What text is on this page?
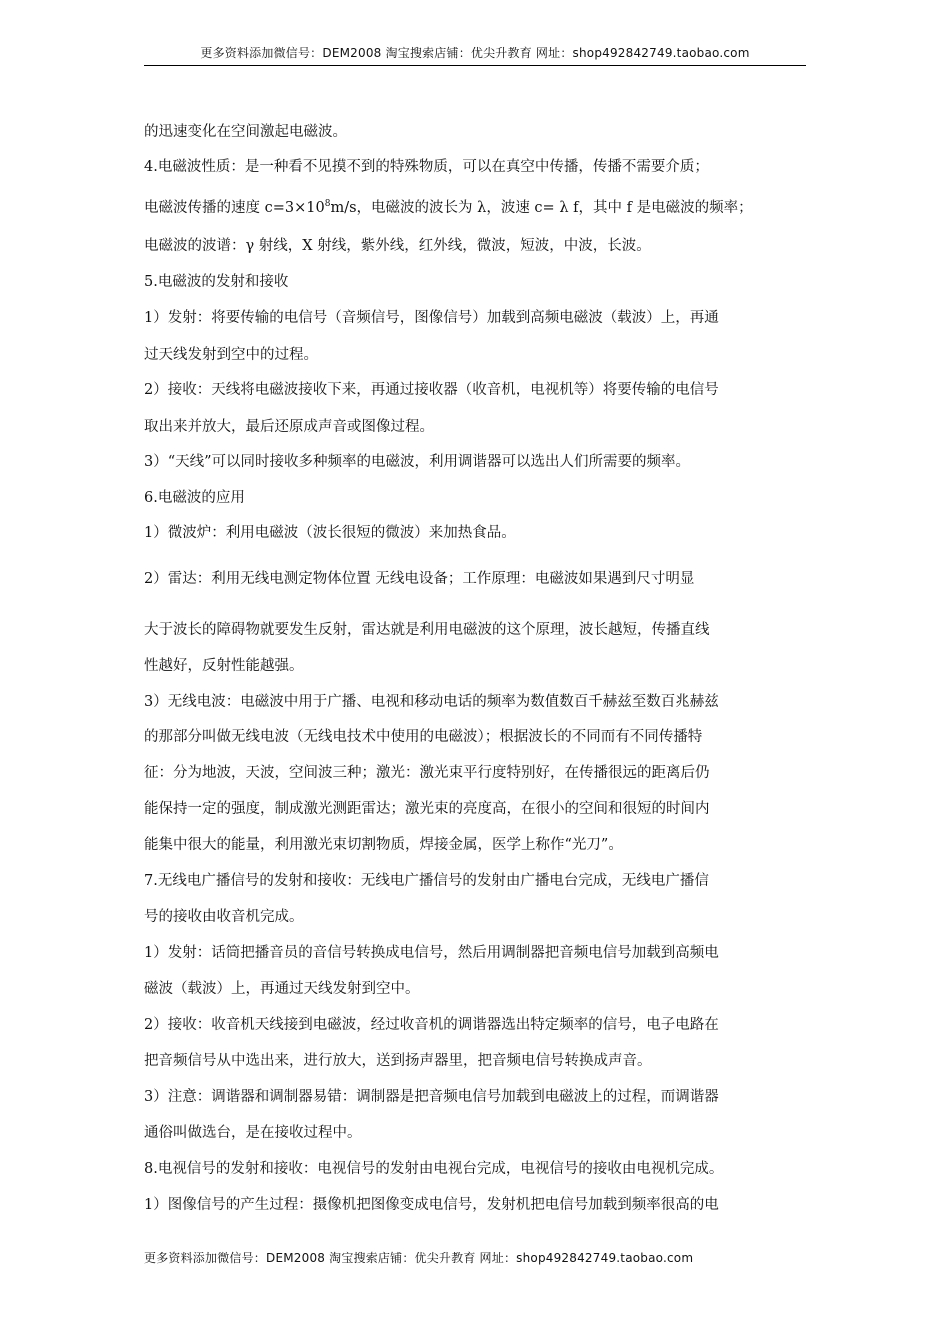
更多资料添加微信号：DEM2008 淘宝搜索店铺：优尖升教育 网址：shop492842749.taobao.com
的迅速变化在空间激起电磁波。
4.电磁波性质：是一种看不见摸不到的特殊物质，可以在真空中传播，传播不需要介质；
电磁波传播的速度 $c=3\times 10^8m/s$，电磁波的波长为 λ，波速 c= λ f，其中 f 是电磁波的频率；
电磁波的波谱：γ 射线，X 射线，紫外线，红外线，微波，短波，中波，长波。
5.电磁波的发射和接收
1）发射：将要传输的电信号（音频信号，图像信号）加载到高频电磁波（载波）上，再通
过天线发射到空中的过程。
2）接收：天线将电磁波接收下来，再通过接收器（收音机，电视机等）将要传输的电信号
取出来并放大，最后还原成声音或图像过程。
3）“天线”可以同时接收多种频率的电磁波，利用调谐器可以选出人们所需要的频率。
6.电磁波的应用
1）微波炉：利用电磁波（波长很短的微波）来加热食品。
2）雷达：利用无线电测定物体位置 无线电设备；工作原理：电磁波如果遇到尺寸明显
大于波长的障碍物就要发生反射，雷达就是利用电磁波的这个原理，波长越短，传播直线
性越好，反射性能越强。
3）无线电波：电磁波中用于广播、电视和移动电话的频率为数值数百千赫兹至数百兆赫兹
的那部分叫做无线电波（无线电技术中使用的电磁波）；根据波长的不同而有不同传播特
征：分为地波，天波，空间波三种；激光：激光束平行度特别好，在传播很远的距离后仍
能保持一定的强度，制成激光测距雷达；激光束的亮度高，在很小的空间和很短的时间内
能集中很大的能量，利用激光束切割物质，焊接金属，医学上称作“光刀”。
7.无线电广播信号的发射和接收：无线电广播信号的发射由广播电台完成，无线电广播信
号的接收由收音机完成。
1）发射：话筒把播音员的音信号转换成电信号，然后用调制器把音频电信号加载到高频电
磁波（载波）上，再通过天线发射到空中。
2）接收：收音机天线接到电磁波，经过收音机的调谐器选出特定频率的信号，电子电路在
把音频信号从中选出来，进行放大，送到扬声器里，把音频电信号转换成声音。
3）注意：调谐器和调制器易错：调制器是把音频电信号加载到电磁波上的过程，而调谐器
通俗叫做选台，是在接收过程中。
8.电视信号的发射和接收：电视信号的发射由电视台完成，电视信号的接收由电视机完成。
1）图像信号的产生过程：摄像机把图像变成电信号，发射机把电信号加载到频率很高的电
更多资料添加微信号：DEM2008 淘宝搜索店铺：优尖升教育 网址：shop492842749.taobao.com
